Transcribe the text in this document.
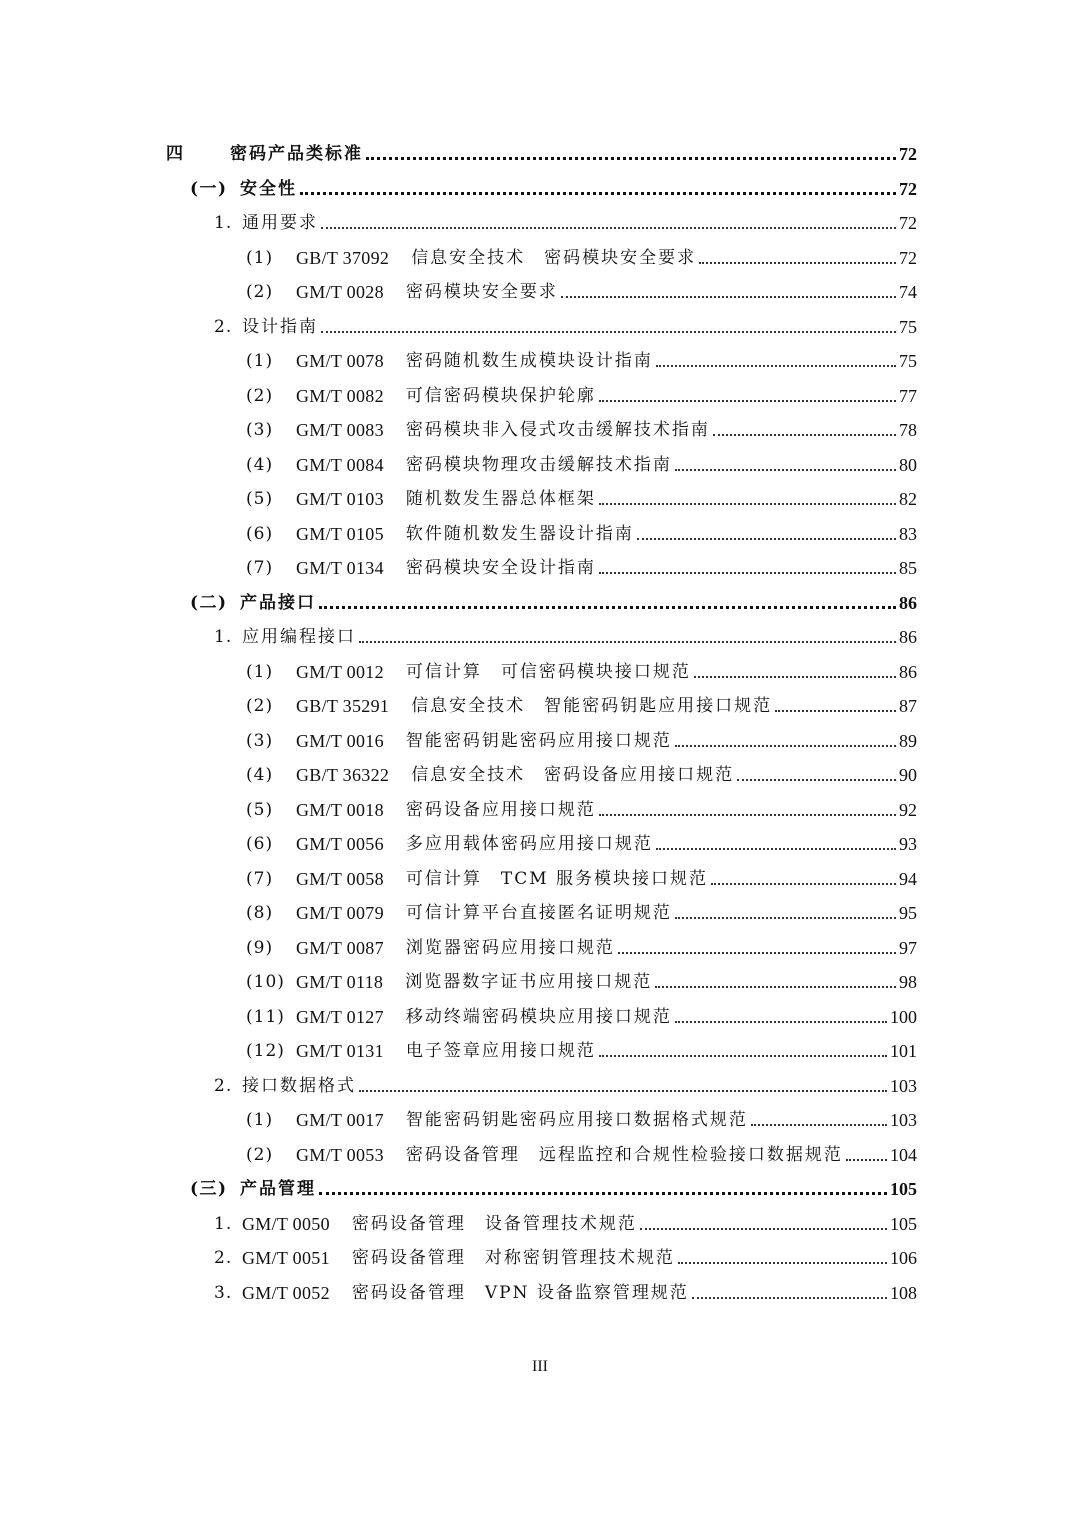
四	密码产品类标准	72
(一) 安全性	72
1. 通用要求	72
(1)	GB/T 37092 信息安全技术　密码模块安全要求	72
(2)	GM/T 0028 密码模块安全要求	74
2. 设计指南	75
(1)	GM/T 0078 密码随机数生成模块设计指南	75
(2)	GM/T 0082 可信密码模块保护轮廓	77
(3)	GM/T 0083 密码模块非入侵式攻击缓解技术指南	78
(4)	GM/T 0084 密码模块物理攻击缓解技术指南	80
(5)	GM/T 0103 随机数发生器总体框架	82
(6)	GM/T 0105 软件随机数发生器设计指南	83
(7)	GM/T 0134 密码模块安全设计指南	85
(二) 产品接口	86
1. 应用编程接口	86
(1)	GM/T 0012 可信计算　可信密码模块接口规范	86
(2)	GB/T 35291 信息安全技术　智能密码钥匙应用接口规范	87
(3)	GM/T 0016 智能密码钥匙密码应用接口规范	89
(4)	GB/T 36322 信息安全技术　密码设备应用接口规范	90
(5)	GM/T 0018 密码设备应用接口规范	92
(6)	GM/T 0056 多应用载体密码应用接口规范	93
(7)	GM/T 0058 可信计算　TCM 服务模块接口规范	94
(8)	GM/T 0079 可信计算平台直接匿名证明规范	95
(9)	GM/T 0087 浏览器密码应用接口规范	97
(10) GM/T 0118 浏览器数字证书应用接口规范	98
(11) GM/T 0127 移动终端密码模块应用接口规范	100
(12) GM/T 0131 电子签章应用接口规范	101
2. 接口数据格式	103
(1)	GM/T 0017 智能密码钥匙密码应用接口数据格式规范	103
(2)	GM/T 0053 密码设备管理　远程监控和合规性检验接口数据规范	104
(三) 产品管理	105
1. GM/T 0050 密码设备管理　设备管理技术规范	105
2. GM/T 0051 密码设备管理　对称密钥管理技术规范	106
3. GM/T 0052 密码设备管理　VPN 设备监察管理规范	108
III
